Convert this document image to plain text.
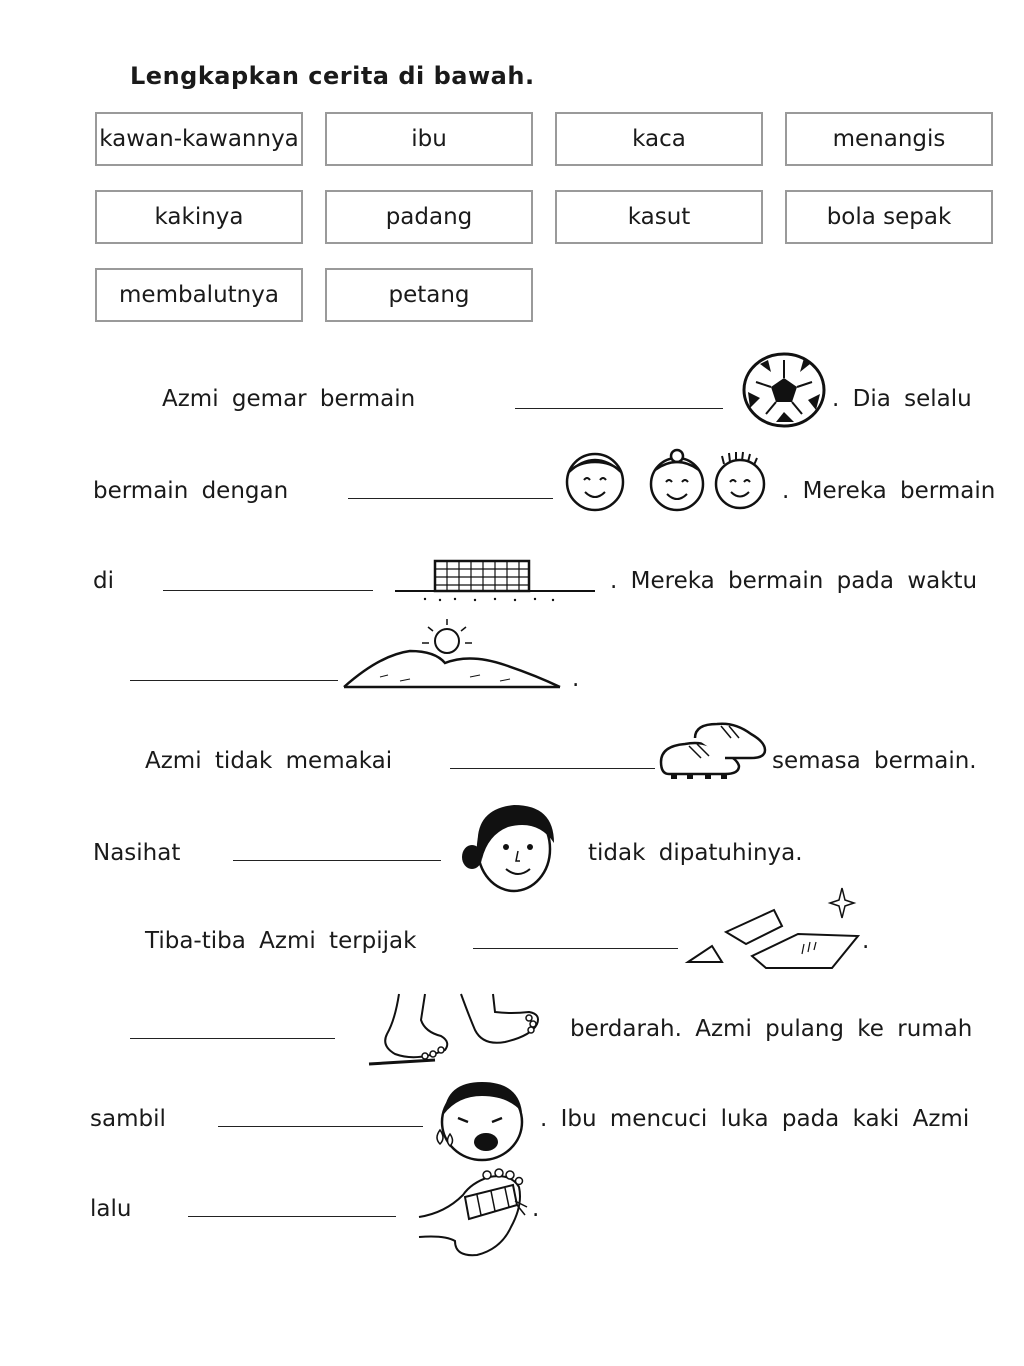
Lengkapkan cerita di bawah.
kawan-kawannya	ibu	kaca	menangis
kakinya	padang	kasut	bola sepak
membalutnya	petang
Azmi gemar bermain	. Dia selalu
bermain dengan	. Mereka bermain
di	. Mereka bermain pada waktu
.
Azmi tidak memakai	semasa bermain.
Nasihat	tidak dipatuhinya.
Tiba-tiba Azmi terpijak	.
berdarah. Azmi pulang ke rumah
sambil	. Ibu mencuci luka pada kaki Azmi
lalu	.
